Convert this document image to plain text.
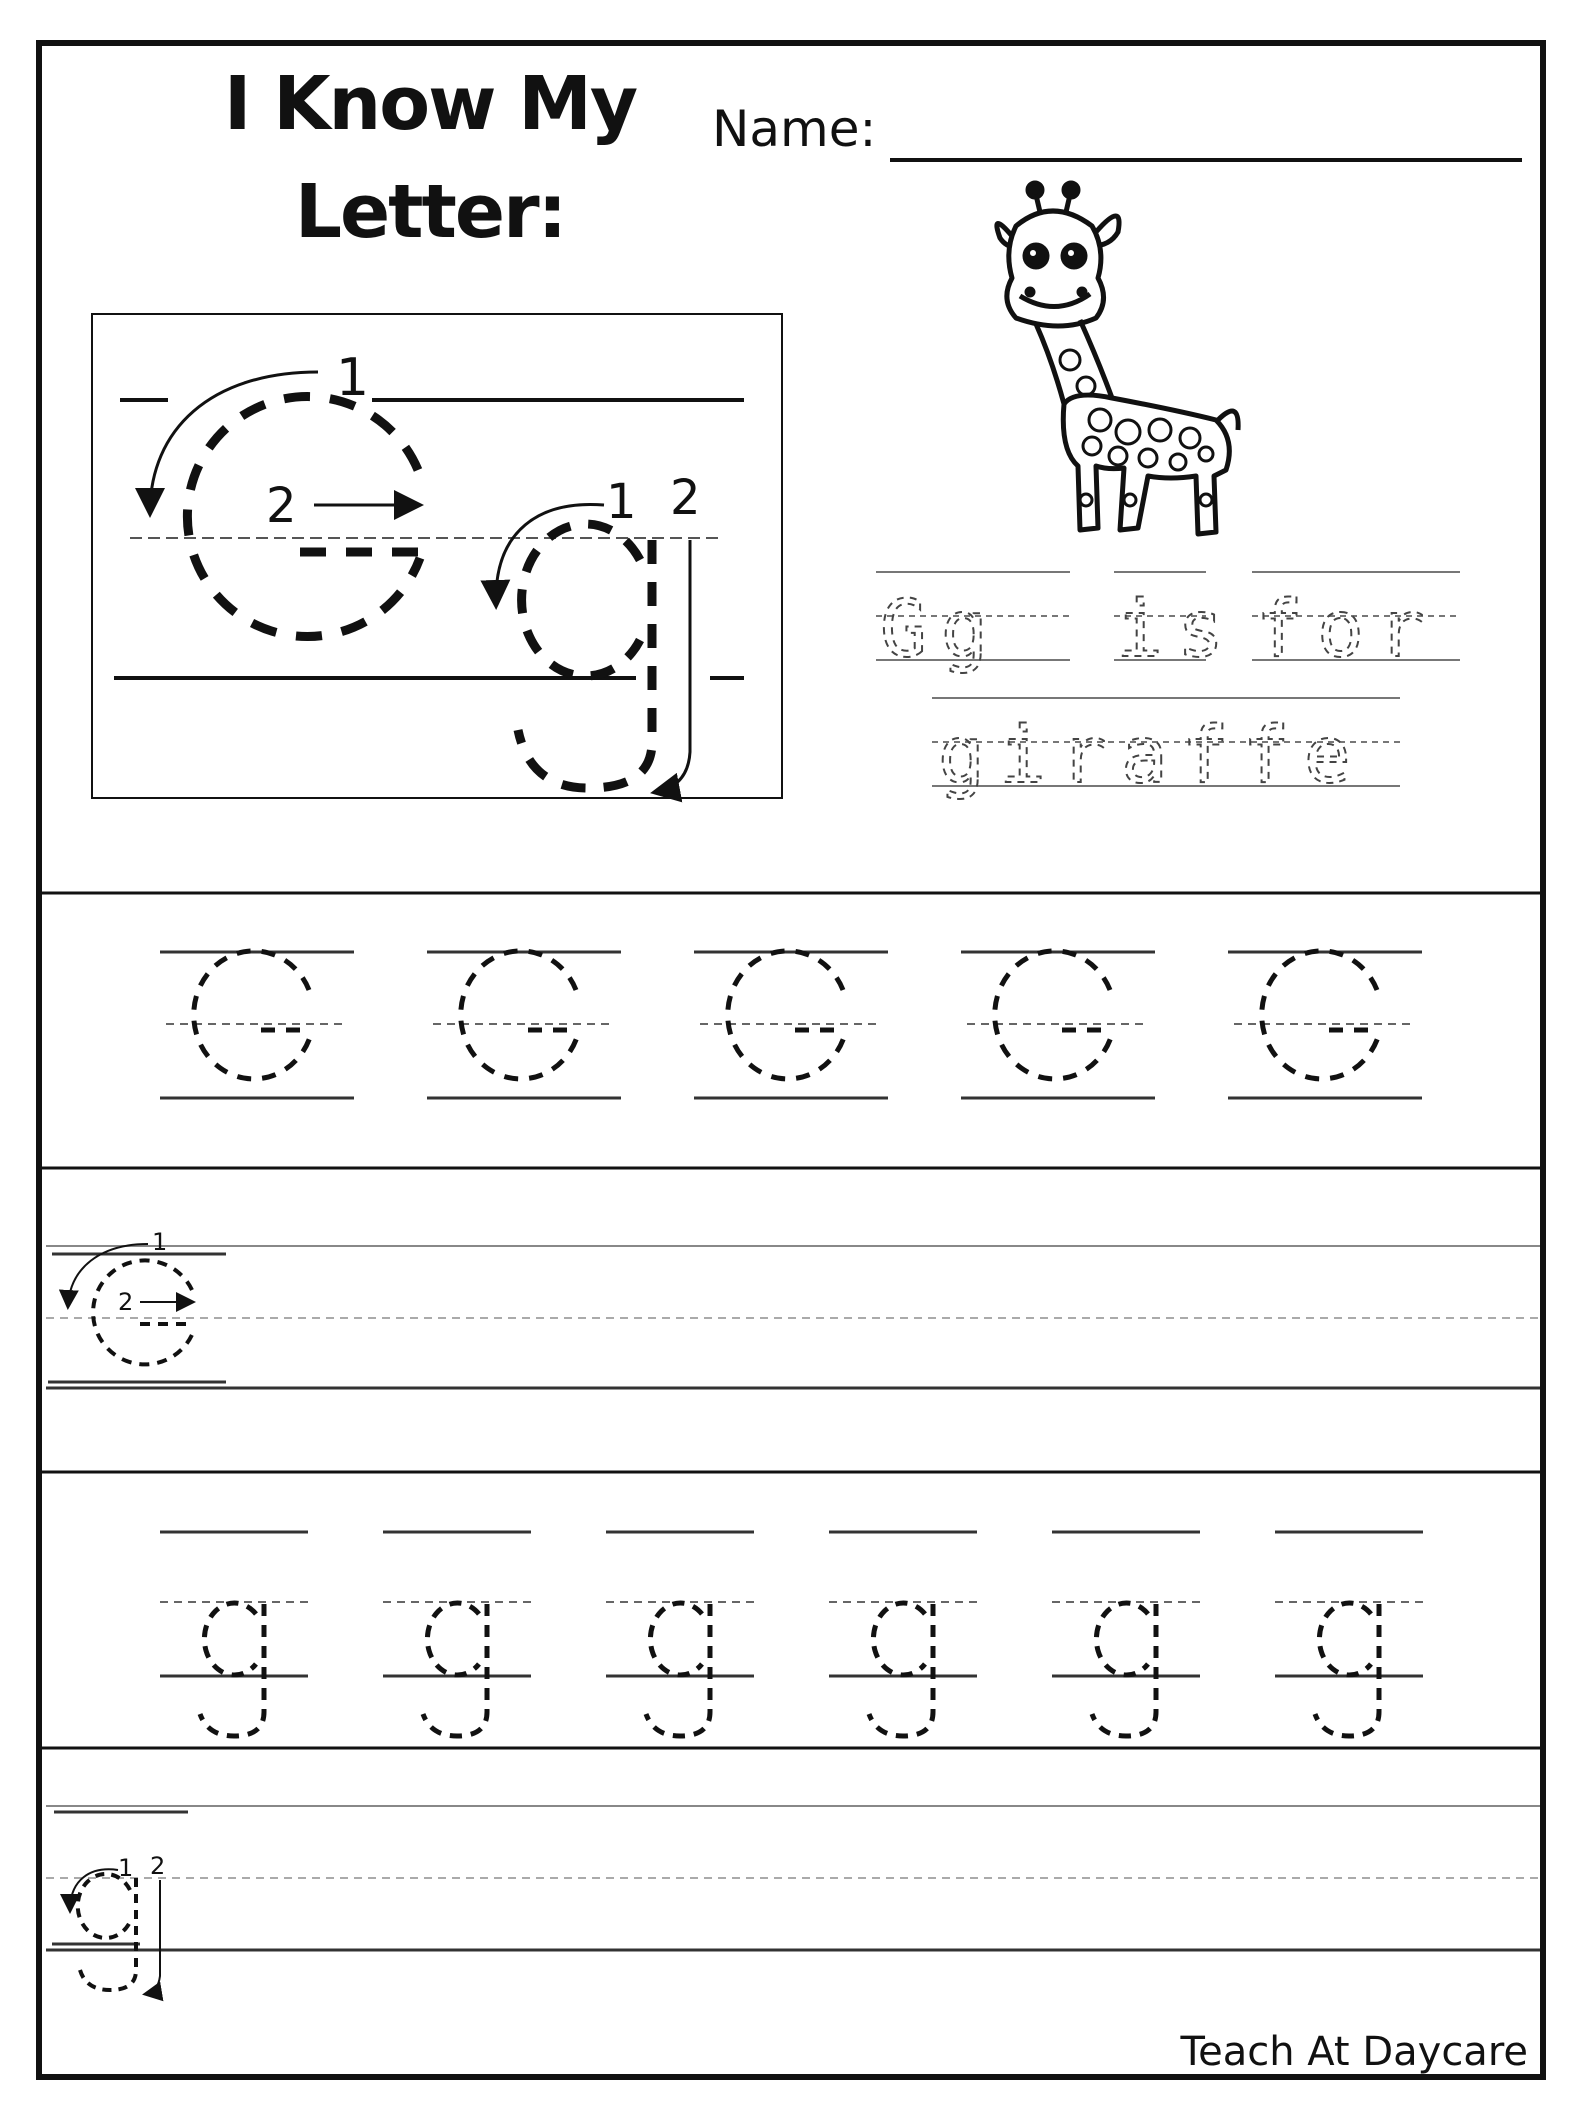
I Know My
Letter:
Name:
1
2	1 2
Gg is for
giraffe
1
2
1 2
Teach At Daycare
